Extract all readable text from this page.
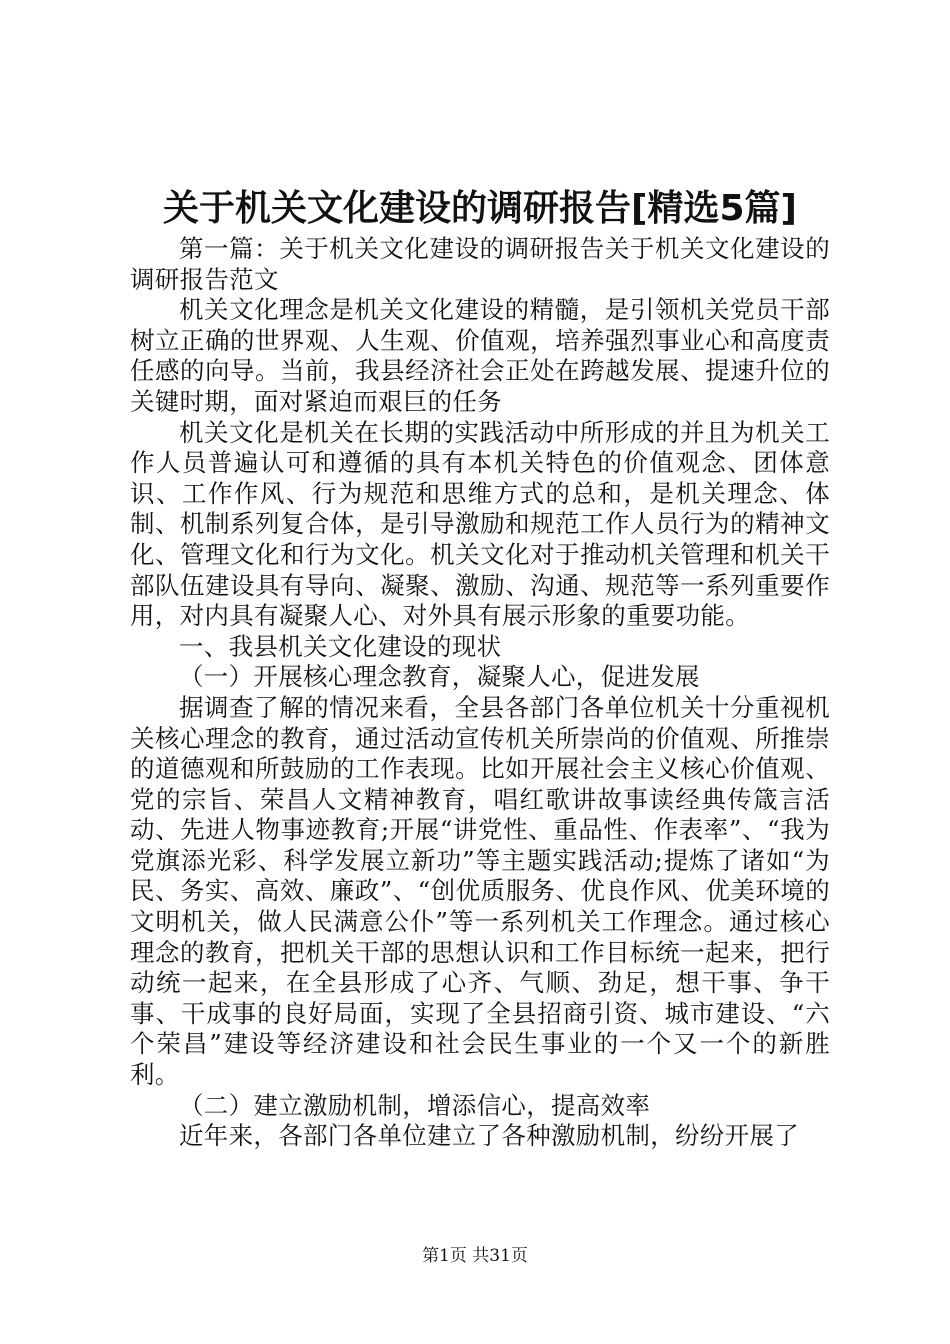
关于机关文化建设的调研报告[精选5篇]

第一篇：关于机关文化建设的调研报告关于机关文化建设的调研报告范文

机关文化理念是机关文化建设的精髓，是引领机关党员干部树立正确的世界观、人生观、价值观，培养强烈事业心和高度责任感的向导。当前，我县经济社会正处在跨越发展、提速升位的关键时期，面对紧迫而艰巨的任务

机关文化是机关在长期的实践活动中所形成的并且为机关工作人员普遍认可和遵循的具有本机关特色的价值观念、团体意识、工作作风、行为规范和思维方式的总和，是机关理念、体制、机制系列复合体，是引导激励和规范工作人员行为的精神文化、管理文化和行为文化。机关文化对于推动机关管理和机关干部队伍建设具有导向、凝聚、激励、沟通、规范等一系列重要作用，对内具有凝聚人心、对外具有展示形象的重要功能。

一、我县机关文化建设的现状

（一）开展核心理念教育，凝聚人心，促进发展

据调查了解的情况来看，全县各部门各单位机关十分重视机关核心理念的教育，通过活动宣传机关所崇尚的价值观、所推崇的道德观和所鼓励的工作表现。比如开展社会主义核心价值观、党的宗旨、荣昌人文精神教育，唱红歌讲故事读经典传箴言活动、先进人物事迹教育;开展“讲党性、重品性、作表率”、“我为党旗添光彩、科学发展立新功”等主题实践活动;提炼了诸如“为民、务实、高效、廉政”、“创优质服务、优良作风、优美环境的文明机关，做人民满意公仆”等一系列机关工作理念。通过核心理念的教育，把机关干部的思想认识和工作目标统一起来，把行动统一起来，在全县形成了心齐、气顺、劲足，想干事、争干事、干成事的良好局面，实现了全县招商引资、城市建设、“六个荣昌”建设等经济建设和社会民生事业的一个又一个的新胜利。

（二）建立激励机制，增添信心，提高效率

近年来，各部门各单位建立了各种激励机制，纷纷开展了

第1页 共31页
